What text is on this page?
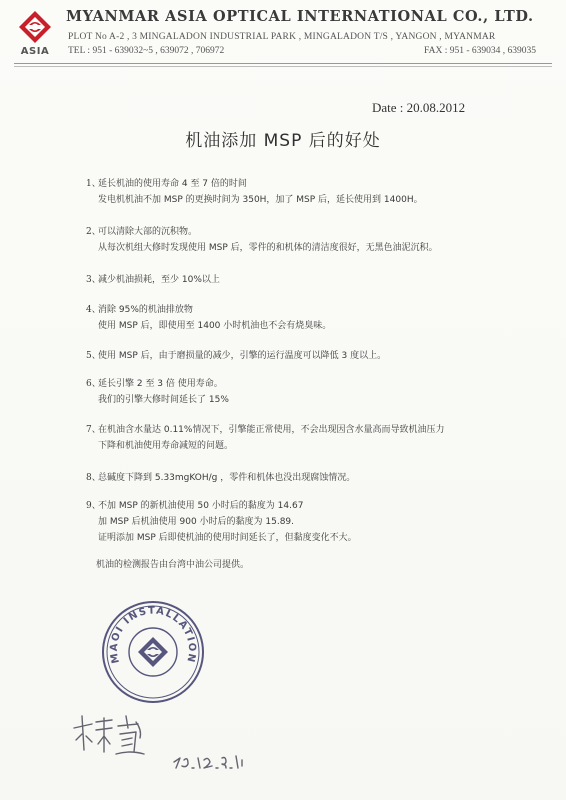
ASIA
MYANMAR ASIA OPTICAL INTERNATIONAL CO., LTD.
PLOT No A-2 , 3 MINGALADON INDUSTRIAL PARK , MINGALADON T/S , YANGON , MYANMAR
TEL : 951 - 639032~5 , 639072 , 706972	FAX : 951 - 639034 , 639035
Date : 20.08.2012
机油添加 MSP 后的好处
1、
延长机油的使用寿命 4 至 7 倍的时间
发电机机油不加 MSP 的更换时间为 350H，加了 MSP 后，延长使用到 1400H。
2、
可以清除大部的沉积物。
从每次机组大修时发现使用 MSP 后，零件的和机体的清洁度很好，无黑色油泥沉积。
3、
减少机油损耗，至少 10%以上
4、
消除 95%的机油排放物
使用 MSP 后，即使用至 1400 小时机油也不会有烧臭味。
5、
使用 MSP 后，由于磨损量的减少，引擎的运行温度可以降低 3 度以上。
6、
延长引擎 2 至 3 倍 使用寿命。
我们的引擎大修时间延长了 15%
7、
在机油含水量达 0.11%情况下，引擎能正常使用，不会出现因含水量高而导致机油压力
下降和机油使用寿命减短的问题。
8、
总碱度下降到 5.33mgKOH/g ，零件和机体也没出现腐蚀情况。
9、
不加 MSP 的新机油使用 50 小时后的黏度为 14.67
加 MSP 后机油使用 900 小时后的黏度为 15.89.
证明添加 MSP 后即使机油的使用时间延长了，但黏度变化不大。
机油的检测报告由台湾中油公司提供。
MAOI INSTALLATION
